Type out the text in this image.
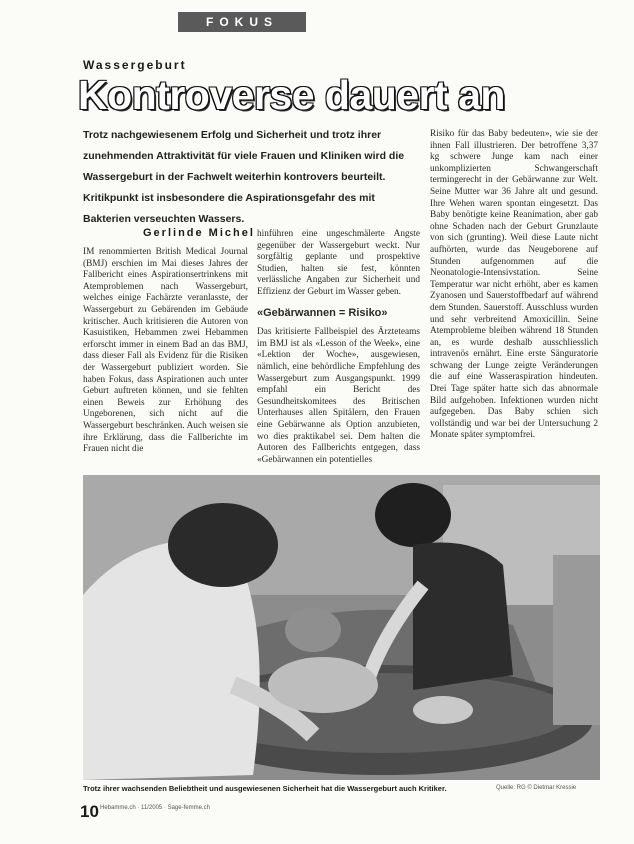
FOKUS
Wassergeburt
Kontroverse dauert an
Trotz nachgewiesenem Erfolg und Sicherheit und trotz ihrer zunehmenden Attraktivität für viele Frauen und Kliniken wird die Wassergeburt in der Fachwelt weiterhin kontrovers beurteilt. Kritikpunkt ist insbesondere die Aspirationsgefahr des mit Bakterien verseuchten Wassers.
Gerlinde Michel

IM renommierten British Medical Journal (BMJ) erschien im Mai dieses Jahres der Fallbericht eines Aspirationsertrinkens mit Atemproblemen nach Wassergeburt, welches einige Fachärzte veranlasste, der Wassergeburt zu Gebärenden im Gebäude kritischer. Auch kritisieren die Autoren von Kasuistiken, Hebammen zwei Hebammen erforscht immer in einem Bad an das BMJ, dass dieser Fall als Evidenz für die Risiken der Wassergeburt publiziert worden. Sie haben Fokus, dass Aspirationen auch unter Geburt auftreten können, und sie fehlten einen Beweis zur Erhöhung des Ungeborenen, sich nicht auf die Wassergeburt beschränken. Auch weisen sie ihre Erklärung, dass die Fallberichte im Frauen nicht die

hinführen eine ungeschmälerte Ängste gegenüber der Wassergeburt weckt. Nur sorgfältig geplante und prospektive Studien, halten sie fest, könnten verlässliche Angaben zur Sicherheit und Effizienz der Geburt im Wasser geben.

«Gebärwannen = Risiko»

Das kritisierte Fallbeispiel des Ärzteteams im BMJ ist als «Lesson of the Week», eine «Lektion der Woche», ausgewiesen, nämlich, eine behördliche Empfehlung des Wassergeburt zum Ausgangspunkt. 1999 empfahl ein Bericht des Gesundheitskomitees des Britischen Unterhauses allen Spitälern, den Frauen eine Gebärwanne als Option anzubieten, wo dies praktikabel sei. Dem halten die Autoren des Fallberichts entgegen, dass «Gebärwannen ein potentielles

Risiko für das Baby bedeuten», wie sie der ihnen Fall illustrieren. Der betroffene 3,37 kg schwere Junge kam nach einer unkomplizierten Schwangerschaft termingerecht in der Gebärwanne zur Welt. Seine Mutter war 36 Jahre alt und gesund. Ihre Wehen waren spontan eingesetzt. Das Baby benötigte keine Reanimation, aber gab ohne Schaden nach der Geburt Grunzlaute von sich (grunting). Weil diese Laute nicht aufhörten, wurde das Neugeborene auf Stunden aufgenommen auf die Neonatologie-Intensivstation. Seine Temperatur war nicht erhöht, aber es kamen Zyanosen und Sauerstoffbedarf auf während dem Stunden. Sauerstoff. Ausschluss wurden und sehr verbreitend Amoxicillin. Seine Atemprobleme bleiben während 18 Stunden an, es wurde deshalb ausschliesslich intravenös ernährt. Eine erste Sänguratorie schwang der Lunge zeigte Veränderungen die auf eine Wasseraspiration hindeuten. Drei Tage später hatte sich das abnormale Bild aufgehoben. Infektionen wurden nicht aufgegeben. Das Baby schien sich vollständig und war bei der Untersuchung 2 Monate später symptomfrei.

Trotz ihrer wachsenden Beliebtheit und ausgewiesenen Sicherheit hat die Wassergeburt auch Kritiker.	Quelle: RG © Dietmar Kressie
10 Hebamme.ch · 11/2005 · Sage-femme.ch
